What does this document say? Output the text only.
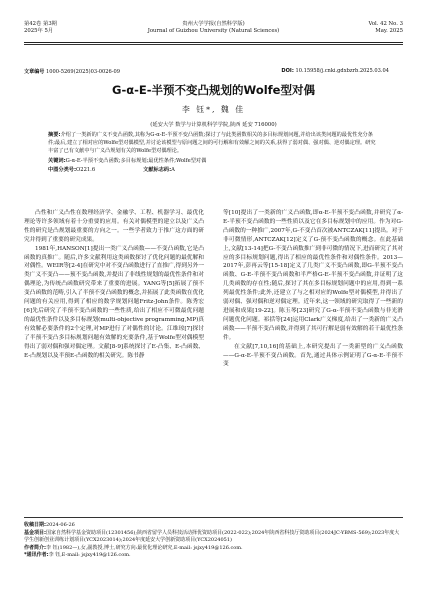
第42卷 第3期
2025年 5月
贵州大学学报(自然科学版)
Journal of Guizhou University (Natural Sciences)
Vol. 42 No. 3
May. 2025
文章编号 1000-5269(2025)03-0026-09	DOI: 10.15958/j.cnki.gdxbzrb.2025.03.04
G-α-E-半预不变凸规划的Wolfe型对偶
李 钰*, 魏 佳
(延安大学 数学与计算机科学学院,陕西 延安 716000)

摘要:介绍了一类新的广义不变凸函数,其称为G-α-E-半预不变凸函数;探讨了与此类函数相关的多目标规划问题,并给出该类问题的最优性充分条件;最后,建立了相对应的Wolfe型对偶模型,并讨论该模型与原问题之间的可行解和有效解之间的关系,获得了弱对偶、强对偶、逆对偶定理。研究丰富了已有文献中与广义凸规划有关的Wolfe型对偶理论。

关键词:G-α-E-半预不变凸函数;多目标规划;最优性条件;Wolfe型对偶

中图分类号:O221.6	文献标志码:A

凸性和广义凸性在数理经济学、金融学、工程、机器学习、最优化理论等许多领域有着十分重要的应用。有关对偶模型的建立以及广义凸性的研究是凸规划最重要的方向之一。一些学者致力于推广这方面的研究并得到了重要的研究成果。

1981年,HANSON[1]提出一类广义凸函数——不变凸函数,它是凸函数的真推广。随后,许多文献利用这类函数探讨了优化问题的最优解和对偶性。WEIR等[2-4]在研究中对不变凸函数进行了直推广,得到另外一类广义不变凸——预不变凸函数,并提出了非线性规划的最优性条件和对偶理论,为传统凸函数研究带来了重要的进展。YANG等[5]拓展了预不变凸函数的范畴,引入了半预不变凸函数的概念,并拓展了此类函数在优化问题的有关应用,得到了相应的数学规划问题Fritz-John条件。陈秀宏[6]先后研究了半预不变凸函数的一些性质,给出了相应不可微最优问题的最优性条件以及多目标规划(multi-objective programming,MP)真有效解必要条件的2个定理,对MP进行了对偶性的讨论。江维琼[7]探讨了半预不变凸多目标规划问题有效解的充要条件,基于Wolfe型对偶模型得出了弱对偶和强对偶定理。文献[8-9]系统探讨了E-凸集、E-凸函数、E-凸规划以及半预E-凸函数的相关研究。陈书静

等[10]提出了一类新的广义凸函数,即α-E-半预不变凸函数,并研究了α-E-半预不变凸函数的一些性质以及它在多目标规划中的应用。作为对G-凸函数的一种推广,2007年,G-不变凸首次被ANTCZAK[11]提出。对于非可微情形,ANTCZAK[12]定义了G-预不变凸函数的概念。在此基础上,文献[13-14]把G-不变凸函数推广到非可微的情况下,进而研究了其对应的多目标规划问题,得出了相应的最优性条件和对偶性条件。2013—2017年,彭再云等[15-18]定义了几类广义不变凸函数,即G-半预不变凸函数、G-E-半预不变凸函数和半严格G-E-半预不变凸函数,并证明了这几类函数的存在性;随后,探讨了其在多目标规划问题中的应用,得到一系列最优性条件;此外,还建立了与之相对应的Wolfe型对偶模型,并得出了弱对偶、强对偶和逆对偶定理。近年来,这一领域的研究取得了一些新的进展和成果[19-22]。陈玉琴[23]研究了G-α-半预不变凸函数与非光滑问题优化问题。祁括等[24]运用Clark广义梯度,给出了一类新的广义凸函数——半预不变凸函数,并得到了其可行解是弱有效解的若干最优性条件。

在文献[7,10,16]的基础上,本研究提出了一类新型的广义凸函数——G-α-E-半预不变凸函数。首先,通过具体示例证明了G-α-E-半预不变

收稿日期:2024-06-26

基金项目:国家自然科学基金资助项目(12301456);陕西省留学人员科技活动择优资助项目(2022-022);2024年陕西省科技厅资助项目(2024JC-YBMS-569);2023年度大学生创新创业训练计划项目(YCX2023014);2024年度延安大学创新资助项目(YCX2024051)

作者简介:李 钰(1982—),女,副教授,博士,研究方向:最优化理论研究,E-mail: jsjxy419@126.com.

*通讯作者:李 钰,E-mail: jsjxy419@126.com.
